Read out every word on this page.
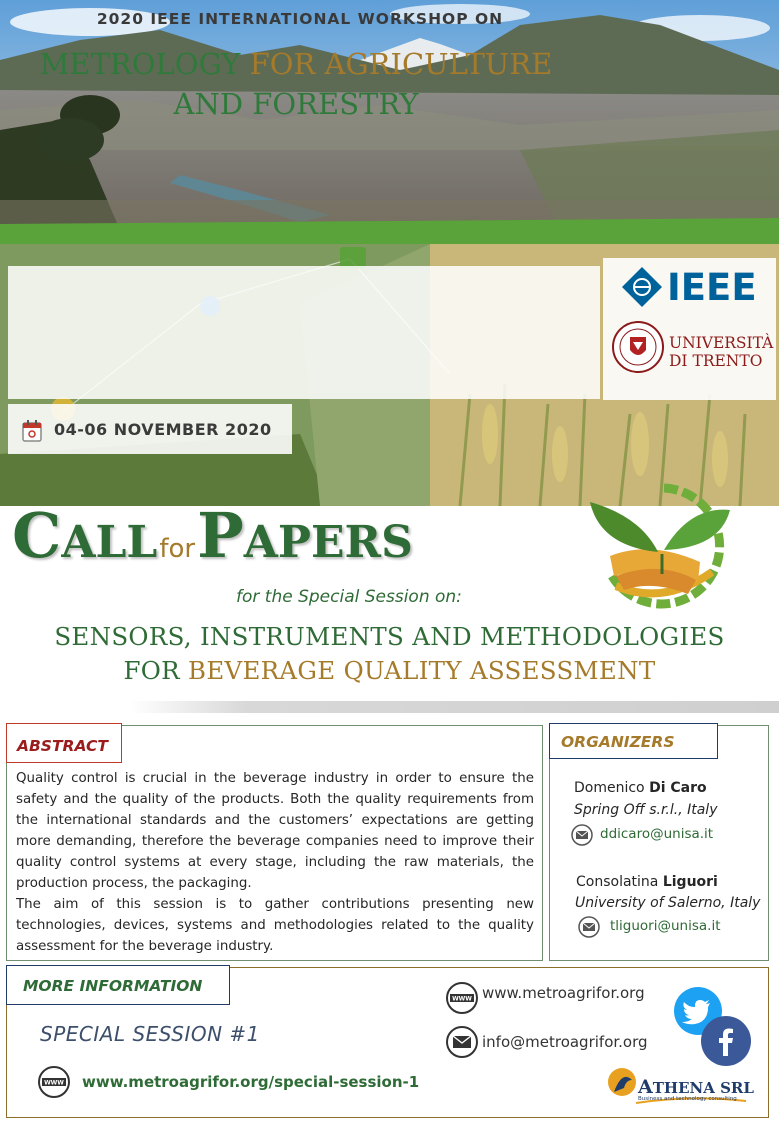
2020 IEEE INTERNATIONAL WORKSHOP ON
METROLOGY FOR AGRICULTURE
AND FORESTRY
IEEE
UNIVERSITÀ
DI TRENTO
04-06 NOVEMBER 2020
CALLforPAPERS
for the Special Session on:
SENSORS, INSTRUMENTS AND METHODOLOGIES
FOR BEVERAGE QUALITY ASSESSMENT
ABSTRACT

Quality control is crucial in the beverage industry in order to ensure the safety and the quality of the products. Both the quality requirements from the international standards and the customers’ expectations are getting more demanding, therefore the beverage companies need to improve their quality control systems at every stage, including the raw materials, the production process, the packaging.

The aim of this session is to gather contributions presenting new technologies, devices, systems and methodologies related to the quality assessment for the beverage industry.

ORGANIZERS
Domenico Di Caro
Spring Off s.r.l., Italy
ddicaro@unisa.it
Consolatina Liguori
University of Salerno, Italy
tliguori@unisa.it
MORE INFORMATION
SPECIAL SESSION #1
WWW www.metroagrifor.org/special-session-1
WWW www.metroagrifor.org
info@metroagrifor.org
ATHENA SRL
Business and technology consulting
